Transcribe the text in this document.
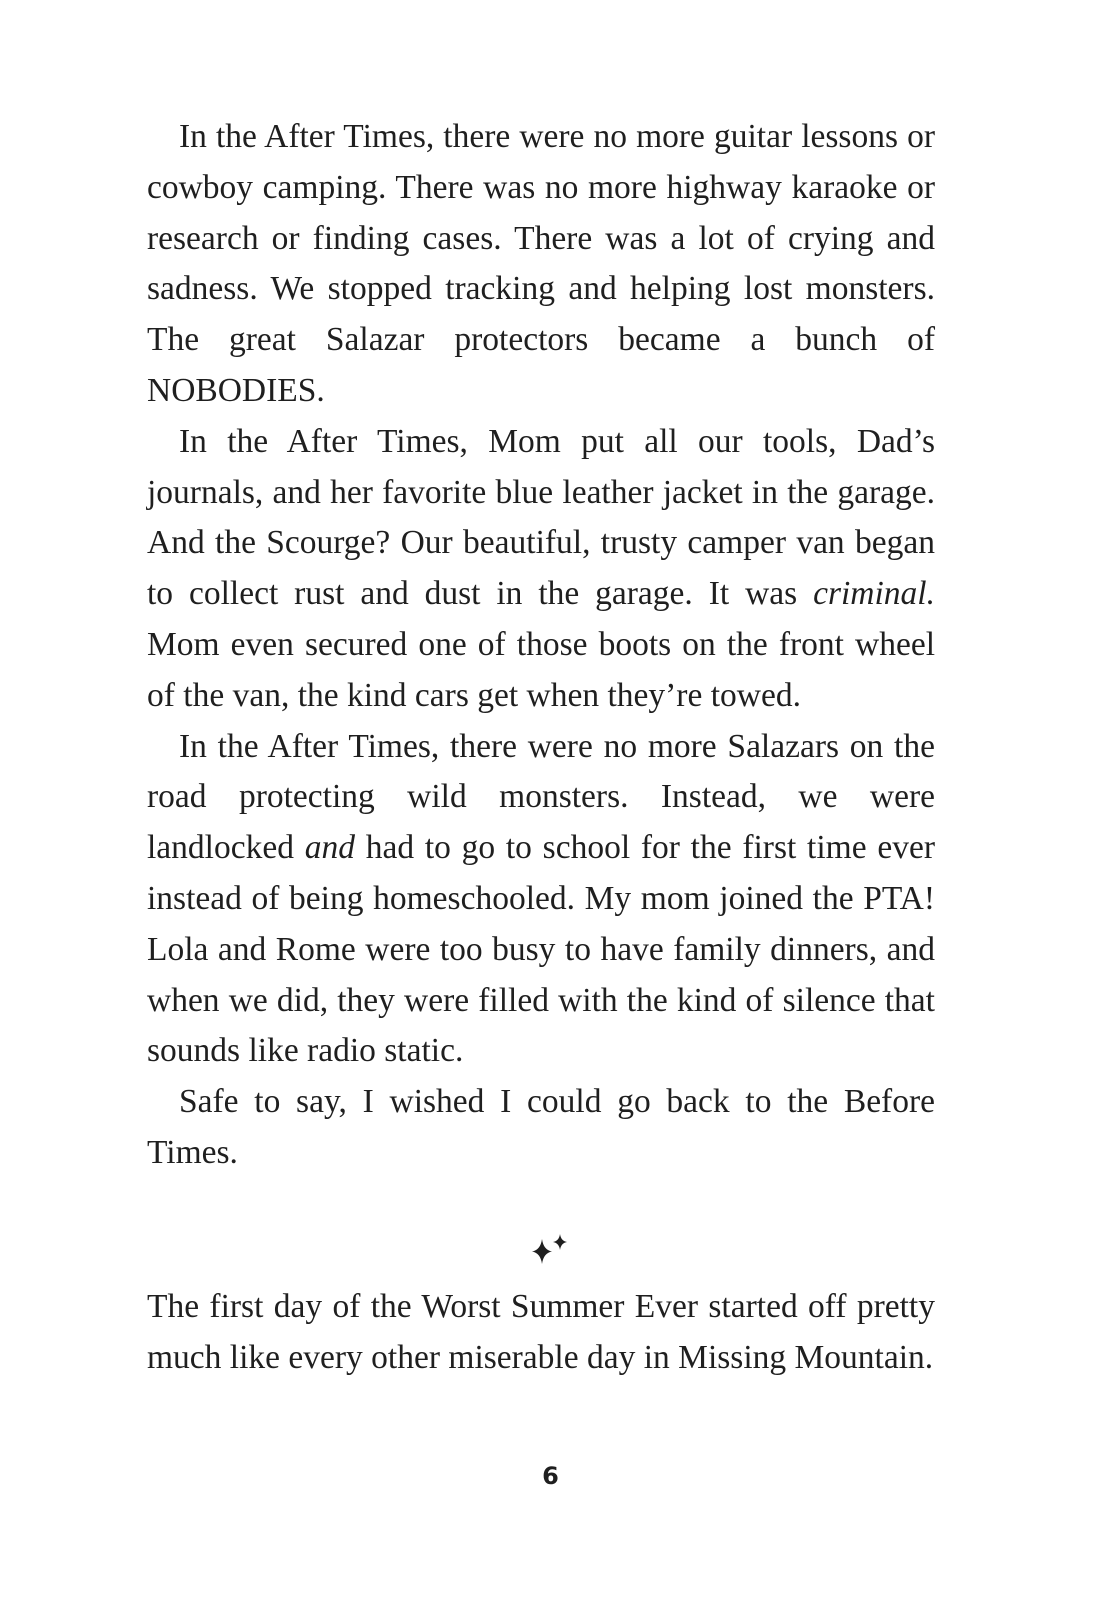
In the After Times, there were no more guitar lessons or cowboy camping. There was no more highway karaoke or research or finding cases. There was a lot of crying and sadness. We stopped tracking and helping lost monsters. The great Salazar protectors became a bunch of NOBODIES.

In the After Times, Mom put all our tools, Dad’s journals, and her favorite blue leather jacket in the garage. And the Scourge? Our beautiful, trusty camper van began to collect rust and dust in the garage. It was criminal. Mom even secured one of those boots on the front wheel of the van, the kind cars get when they’re towed.

In the After Times, there were no more Salazars on the road protecting wild monsters. Instead, we were landlocked and had to go to school for the first time ever instead of being homeschooled. My mom joined the PTA! Lola and Rome were too busy to have family dinners, and when we did, they were filled with the kind of silence that sounds like radio static.

Safe to say, I wished I could go back to the Before Times.

The first day of the Worst Summer Ever started off pretty much like every other miserable day in Missing Mountain.

6
